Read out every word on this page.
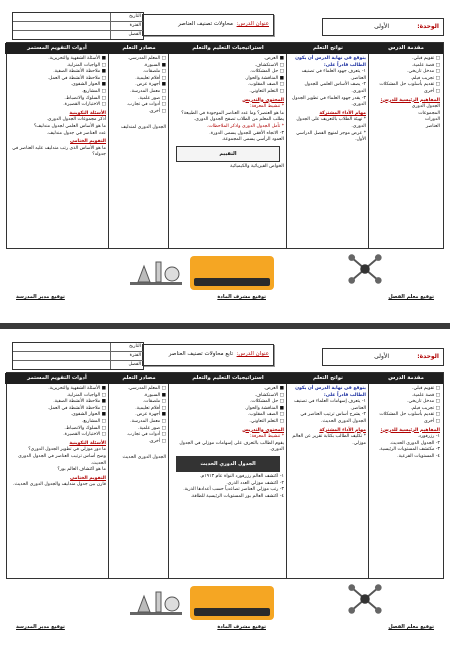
الوحدة:
الأولى
عنوان الدرس:
محاولات تصنيف العناصر
التاريخ
الفترة
الفصل
مقدمة الدرس
□ تقويم قبلي.
□ قصة علمية.
□ مدخل تاريخي.
□ تجريب فيلم.
□ تقديم بأسلوب حل المشكلات
□ أخرى
المفاهيم الرئيسية للدرس:
الجدول الدوري
المجموعات
الدورات
العناصر
نواتج التعلم
يتوقع في نهاية الدرس أن يكون الطالب قادراً على:
١- يتعرف جهود العلماء في تصنيف العناصر.
٢- يصف الأساس العلمي للجدول الدوري.
٣- يقدر جهود العلماء في تطوير الجدول الدوري.
مهام الأداء المشتركة
* تهيئة الطلاب بالتعريف على الجدول الدوري.
* عرض موجز لمنهج الفصل الدراسي الأول.
استراتيجيات التعليم والتعلم
■ العرض.
□ الاستكشاف.
□ حل المشكلات.
■ المناقشة والحوار.
□ الصف المقلوب.
□ التعلم التعاوني.
المحتوى والتدريس
* تنشيط المعرفة:
ما هو العنصر؟ وما عدد العناصر الموجودة في الطبيعة؟
يطلب المعلم من الطلاب تصفح الجدول الدوري.
* تأمل الجدول الدوري واذكر الملاحظات.
٣- الاتجاه الأفقي للجدول يسمى الدورة.
العمود الرأسي يسمى المجموعة.
التقييم
الخواص الفيزيائية والكيميائية
مصادر التعلم
□ المعلم المدرسي.
■ السبورة.
□ ملصقات.
□ أفلام تعليمية.
■ أجهزة عرض.
□ معمل المدرسة.
□ صور علمية.
□ أدوات في تجارب.
□ أخرى.
الجدول الدوري لمندليف
أدوات التقويم المستمر
■ الأسئلة الشفهية والتحريرية.
□ الواجبات المنزلية.
■ ملاحظة الأنشطة الصفية.
□ ملاحظة الأنشطة في العمل.
■ الحوار الشفوي.
□ المشاريع.
□ السلوك والانضباط.
□ الاختبارات القصيرة.
الأسئلة التكوينية
أذكر مجموعات الجدول الدوري.
ما هو الأساس العلمي لجدول مندليف؟
عدد العناصر في جدول مندليف.
التقويم الختامي
ما هو الأساس الذي رتب مندليف عليه العناصر في جدوله؟
توقيع معلم الفصل
توقيع مشرف المادة
توقيع مدير المدرسة
الوحدة:
الأولى
عنوان الدرس:
تابع محاولات تصنيف العناصر
التاريخ
الفترة
الفصل
مقدمة الدرس
□ تقويم قبلي.
□ قصة علمية.
□ مدخل تاريخي.
□ تجريب فيلم.
□ تقديم بأسلوب حل المشكلات
□ أخرى
المفاهيم الرئيسية للدرس:
١- رزرفورد.
٢- الجدول الدوري الحديث.
٣- مكتشف المستويات الرئيسية.
٤- المستويات الفرعية.
نواتج التعلم
يتوقع في نهاية الدرس أن يكون الطالب قادراً على:
١- يتعرف إسهامات العلماء في تصنيف العناصر.
٢- يشرح أساس ترتيب العناصر في الجدول الدوري الحديث.
مهام الأداء المشتركة
* تكليف الطالب بكتابة تقرير عن العالم موزلي.
استراتيجيات التعليم والتعلم
■ العرض.
□ الاستكشاف.
□ حل المشكلات.
■ المناقشة والحوار.
□ الصف المقلوب.
□ التعلم التعاوني.
المحتوى والتدريس
* تنشيط المعرفة:
يقوم الطالب بالتعرف على إسهامات موزلي في الجدول الدوري.
الجدول الدوري الحديث
١- اكتشف العالم رزرفورد النواة عام ١٩١٣م.
٢- اكتشف موزلي العدد الذري.
٣- رتب موزلي العناصر تصاعدياً حسب أعدادها الذرية.
٤- اكتشف العالم بور المستويات الرئيسية للطاقة.
مصادر التعلم
□ المعلم المدرسي.
■ السبورة.
□ ملصقات.
□ أفلام تعليمية.
■ أجهزة عرض.
□ معمل المدرسة.
□ صور علمية.
□ أدوات في تجارب.
□ أخرى.
الجدول الدوري الحديث
أدوات التقويم المستمر
■ الأسئلة الشفهية والتحريرية.
□ الواجبات المنزلية.
■ ملاحظة الأنشطة الصفية.
□ ملاحظة الأنشطة في العمل.
■ الحوار الشفوي.
□ المشاريع.
□ السلوك والانضباط.
□ الاختبارات القصيرة.
الأسئلة التكوينية
ما دور موزلي في تطوير الجدول الدوري؟
وضح أساس ترتيب العناصر في الجدول الدوري الحديث.
ما هو اكتشاف العالم بور؟
التقويم الختامي
قارن بين جدول مندليف والجدول الدوري الحديث.
توقيع معلم الفصل
توقيع مشرف المادة
توقيع مدير المدرسة
